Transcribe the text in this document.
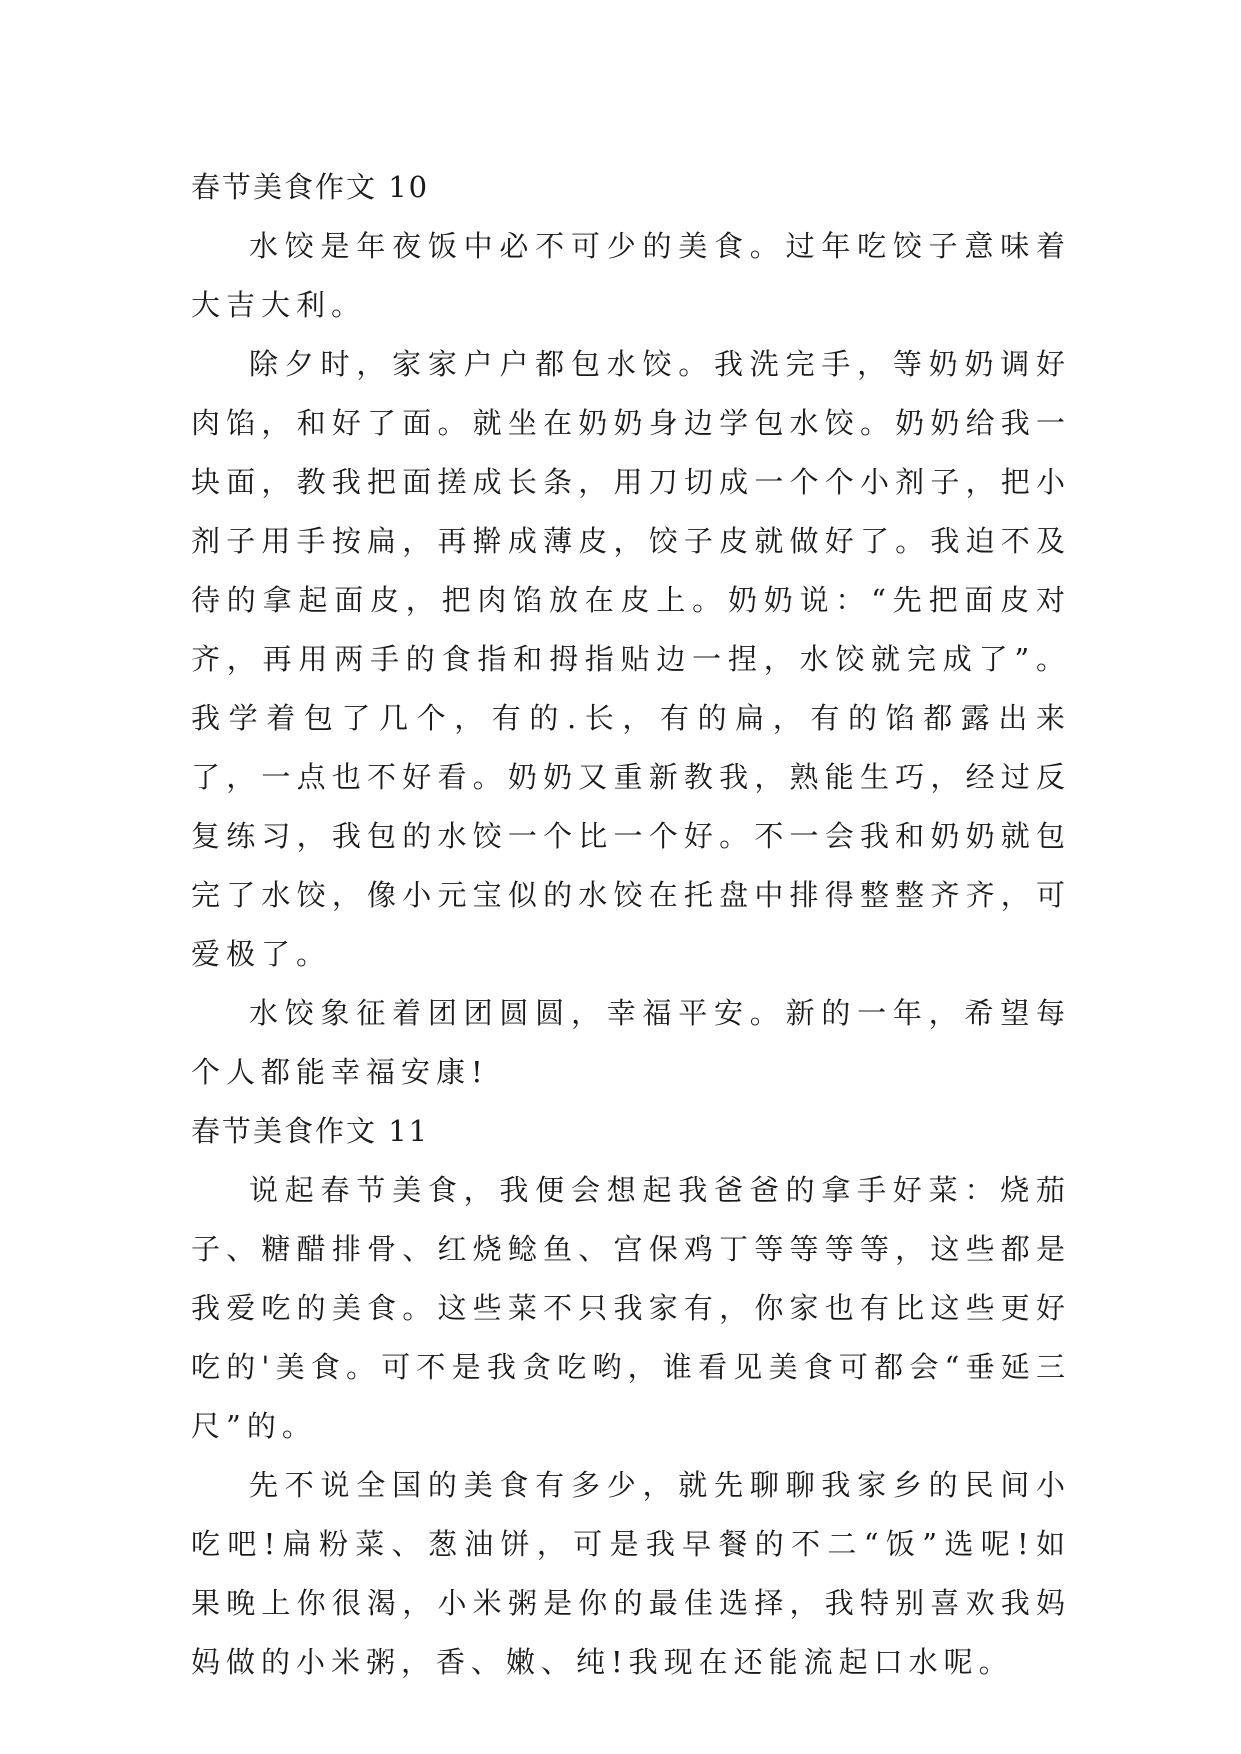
春节美食作文 10

水饺是年夜饭中必不可少的美食。过年吃饺子意味着大吉大利。

除夕时，家家户户都包水饺。我洗完手，等奶奶调好肉馅，和好了面。就坐在奶奶身边学包水饺。奶奶给我一块面，教我把面搓成长条，用刀切成一个个小剂子，把小剂子用手按扁，再擀成薄皮，饺子皮就做好了。我迫不及待的拿起面皮，把肉馅放在皮上。奶奶说：“先把面皮对齐，再用两手的食指和拇指贴边一捏，水饺就完成了”。我学着包了几个，有的.长，有的扁，有的馅都露出来了，一点也不好看。奶奶又重新教我，熟能生巧，经过反复练习，我包的水饺一个比一个好。不一会我和奶奶就包完了水饺，像小元宝似的水饺在托盘中排得整整齐齐，可爱极了。

水饺象征着团团圆圆，幸福平安。新的一年，希望每个人都能幸福安康!

春节美食作文 11

说起春节美食，我便会想起我爸爸的拿手好菜：烧茄子、糖醋排骨、红烧鲶鱼、宫保鸡丁等等等等，这些都是我爱吃的美食。这些菜不只我家有，你家也有比这些更好吃的'美食。可不是我贪吃哟，谁看见美食可都会“垂延三尺”的。

先不说全国的美食有多少，就先聊聊我家乡的民间小吃吧!扁粉菜、葱油饼，可是我早餐的不二“饭”选呢!如果晚上你很渴，小米粥是你的最佳选择，我特别喜欢我妈妈做的小米粥，香、嫩、纯!我现在还能流起口水呢。
